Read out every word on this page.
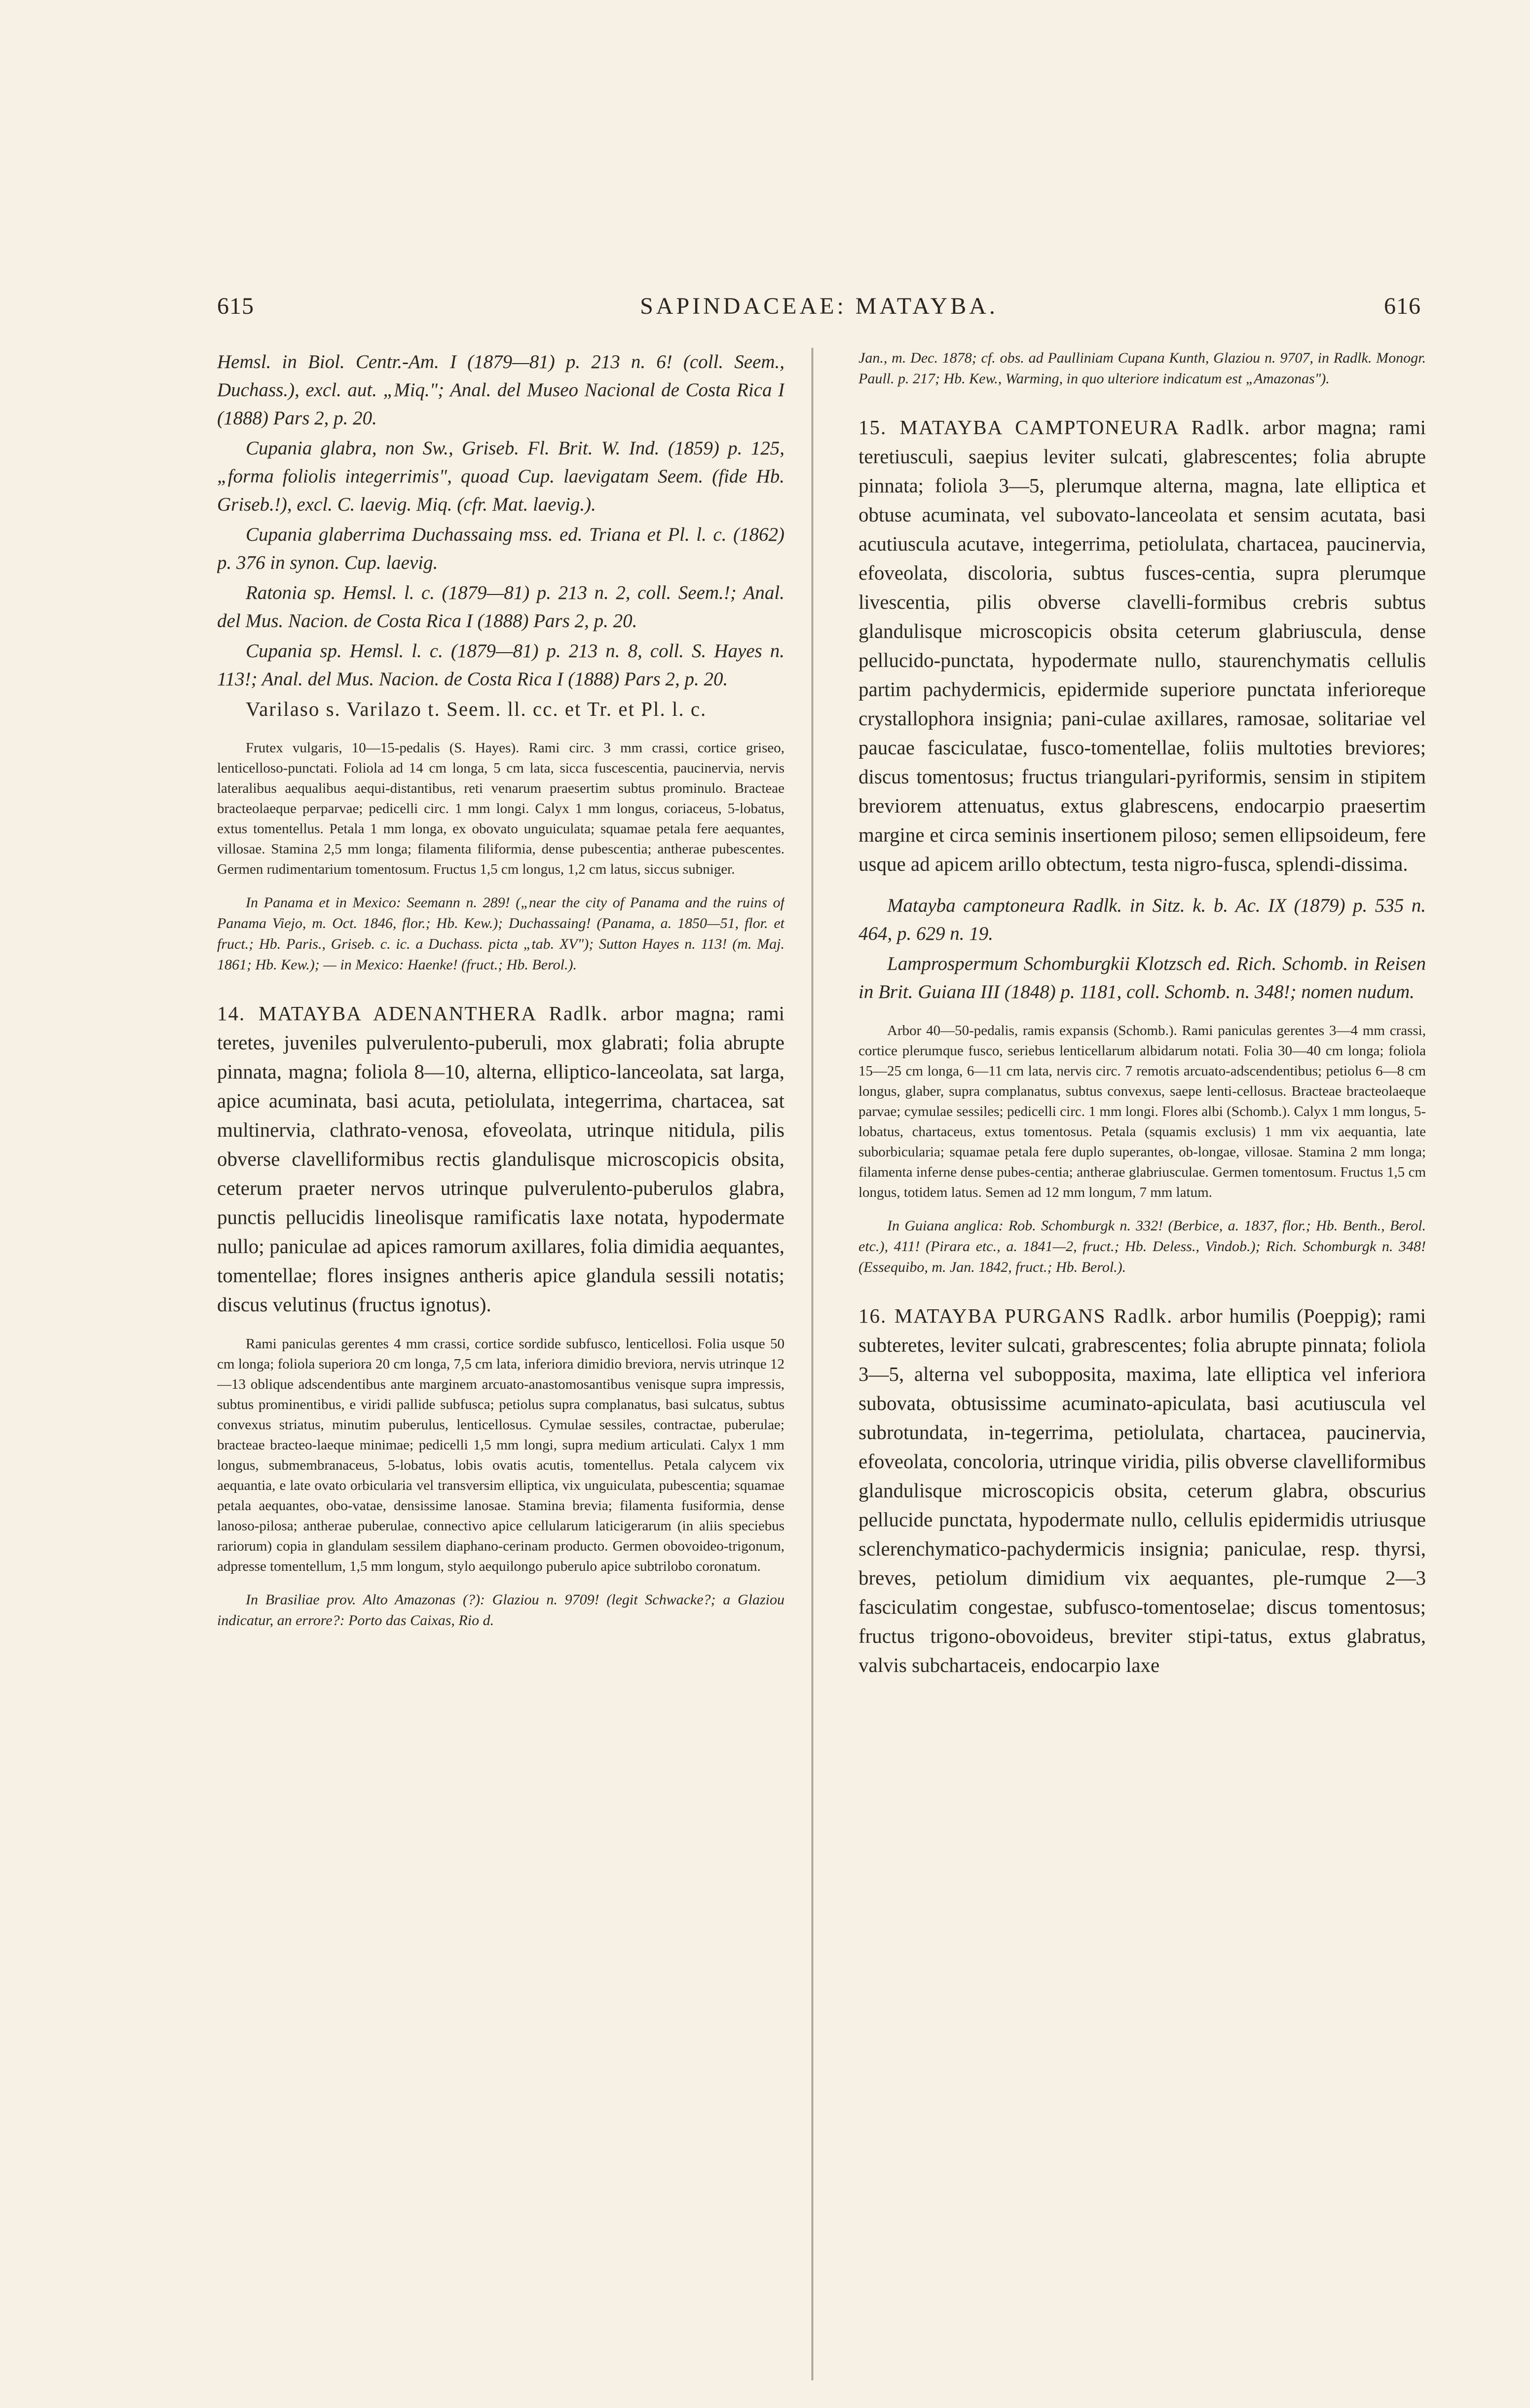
615	SAPINDACEAE: MATAYBA.	616

Hemsl. in Biol. Centr.-Am. I (1879—81) p. 213 n. 6! (coll. Seem., Duchass.), excl. aut. „Miq."; Anal. del Museo Nacional de Costa Rica I (1888) Pars 2, p. 20.

Cupania glabra, non Sw., Griseb. Fl. Brit. W. Ind. (1859) p. 125, „forma foliolis integerrimis", quoad Cup. laevigatam Seem. (fide Hb. Griseb.!), excl. C. laevig. Miq. (cfr. Mat. laevig.).

Cupania glaberrima Duchassaing mss. ed. Triana et Pl. l. c. (1862) p. 376 in synon. Cup. laevig.

Ratonia sp. Hemsl. l. c. (1879—81) p. 213 n. 2, coll. Seem.!; Anal. del Mus. Nacion. de Costa Rica I (1888) Pars 2, p. 20.

Cupania sp. Hemsl. l. c. (1879—81) p. 213 n. 8, coll. S. Hayes n. 113!; Anal. del Mus. Nacion. de Costa Rica I (1888) Pars 2, p. 20.

Varilaso s. Varilazo t. Seem. ll. cc. et Tr. et Pl. l. c.

Frutex vulgaris, 10—15-pedalis (S. Hayes). Rami circ. 3 mm crassi, cortice griseo, lenticelloso-punctati. Foliola ad 14 cm longa, 5 cm lata, sicca fuscescentia, paucinervia, nervis lateralibus aequalibus aequi-distantibus, reti venarum praesertim subtus prominulo. Bracteae bracteolaeque perparvae; pedicelli circ. 1 mm longi. Calyx 1 mm longus, coriaceus, 5-lobatus, extus tomentellus. Petala 1 mm longa, ex obovato unguiculata; squamae petala fere aequantes, villosae. Stamina 2,5 mm longa; filamenta filiformia, dense pubescentia; antherae pubescentes. Germen rudimentarium tomentosum. Fructus 1,5 cm longus, 1,2 cm latus, siccus subniger.

In Panama et in Mexico: Seemann n. 289! („near the city of Panama and the ruins of Panama Viejo, m. Oct. 1846, flor.; Hb. Kew.); Duchassaing! (Panama, a. 1850—51, flor. et fruct.; Hb. Paris., Griseb. c. ic. a Duchass. picta „tab. XV"); Sutton Hayes n. 113! (m. Maj. 1861; Hb. Kew.); — in Mexico: Haenke! (fruct.; Hb. Berol.).

14. MATAYBA ADENANTHERA Radlk. arbor magna; rami teretes, juveniles pulverulento-puberuli, mox glabrati; folia abrupte pinnata, magna; foliola 8—10, alterna, elliptico-lanceolata, sat larga, apice acuminata, basi acuta, petiolulata, integerrima, chartacea, sat multinervia, clathrato-venosa, efoveolata, utrinque nitidula, pilis obverse clavelliformibus rectis glandulisque microscopicis obsita, ceterum praeter nervos utrinque pulverulento-puberulos glabra, punctis pellucidis lineolisque ramificatis laxe notata, hypodermate nullo; paniculae ad apices ramorum axillares, folia dimidia aequantes, tomentellae; flores insignes antheris apice glandula sessili notatis; discus velutinus (fructus ignotus).

Rami paniculas gerentes 4 mm crassi, cortice sordide subfusco, lenticellosi. Folia usque 50 cm longa; foliola superiora 20 cm longa, 7,5 cm lata, inferiora dimidio breviora, nervis utrinque 12—13 oblique adscendentibus ante marginem arcuato-anastomosantibus venisque supra impressis, subtus prominentibus, e viridi pallide subfusca; petiolus supra complanatus, basi sulcatus, subtus convexus striatus, minutim puberulus, lenticellosus. Cymulae sessiles, contractae, puberulae; bracteae bracteo-laeque minimae; pedicelli 1,5 mm longi, supra medium articulati. Calyx 1 mm longus, submembranaceus, 5-lobatus, lobis ovatis acutis, tomentellus. Petala calycem vix aequantia, e late ovato orbicularia vel transversim elliptica, vix unguiculata, pubescentia; squamae petala aequantes, obo-vatae, densissime lanosae. Stamina brevia; filamenta fusiformia, dense lanoso-pilosa; antherae puberulae, connectivo apice cellularum laticigerarum (in aliis speciebus rariorum) copia in glandulam sessilem diaphano-cerinam producto. Germen obovoideo-trigonum, adpresse tomentellum, 1,5 mm longum, stylo aequilongo puberulo apice subtrilobo coronatum.

In Brasiliae prov. Alto Amazonas (?): Glaziou n. 9709! (legit Schwacke?; a Glaziou indicatur, an errore?: Porto das Caixas, Rio d.

Jan., m. Dec. 1878; cf. obs. ad Paulliniam Cupana Kunth, Glaziou n. 9707, in Radlk. Monogr. Paull. p. 217; Hb. Kew., Warming, in quo ulteriore indicatum est „Amazonas").

15. MATAYBA CAMPTONEURA Radlk. arbor magna; rami teretiusculi, saepius leviter sulcati, glabrescentes; folia abrupte pinnata; foliola 3—5, plerumque alterna, magna, late elliptica et obtuse acuminata, vel subovato-lanceolata et sensim acutata, basi acutiuscula acutave, integerrima, petiolulata, chartacea, paucinervia, efoveolata, discoloria, subtus fusces-centia, supra plerumque livescentia, pilis obverse clavelli-formibus crebris subtus glandulisque microscopicis obsita ceterum glabriuscula, dense pellucido-punctata, hypodermate nullo, staurenchymatis cellulis partim pachydermicis, epidermide superiore punctata inferioreque crystallophora insignia; pani-culae axillares, ramosae, solitariae vel paucae fasciculatae, fusco-tomentellae, foliis multoties breviores; discus tomentosus; fructus triangulari-pyriformis, sensim in stipitem breviorem attenuatus, extus glabrescens, endocarpio praesertim margine et circa seminis insertionem piloso; semen ellipsoideum, fere usque ad apicem arillo obtectum, testa nigro-fusca, splendi-dissima.

Matayba camptoneura Radlk. in Sitz. k. b. Ac. IX (1879) p. 535 n. 464, p. 629 n. 19.

Lamprospermum Schomburgkii Klotzsch ed. Rich. Schomb. in Reisen in Brit. Guiana III (1848) p. 1181, coll. Schomb. n. 348!; nomen nudum.

Arbor 40—50-pedalis, ramis expansis (Schomb.). Rami paniculas gerentes 3—4 mm crassi, cortice plerumque fusco, seriebus lenticellarum albidarum notati. Folia 30—40 cm longa; foliola 15—25 cm longa, 6—11 cm lata, nervis circ. 7 remotis arcuato-adscendentibus; petiolus 6—8 cm longus, glaber, supra complanatus, subtus convexus, saepe lenti-cellosus. Bracteae bracteolaeque parvae; cymulae sessiles; pedicelli circ. 1 mm longi. Flores albi (Schomb.). Calyx 1 mm longus, 5-lobatus, chartaceus, extus tomentosus. Petala (squamis exclusis) 1 mm vix aequantia, late suborbicularia; squamae petala fere duplo superantes, ob-longae, villosae. Stamina 2 mm longa; filamenta inferne dense pubes-centia; antherae glabriusculae. Germen tomentosum. Fructus 1,5 cm longus, totidem latus. Semen ad 12 mm longum, 7 mm latum.

In Guiana anglica: Rob. Schomburgk n. 332! (Berbice, a. 1837, flor.; Hb. Benth., Berol. etc.), 411! (Pirara etc., a. 1841—2, fruct.; Hb. Deless., Vindob.); Rich. Schomburgk n. 348! (Essequibo, m. Jan. 1842, fruct.; Hb. Berol.).

16. MATAYBA PURGANS Radlk. arbor humilis (Poeppig); rami subteretes, leviter sulcati, grabrescentes; folia abrupte pinnata; foliola 3—5, alterna vel subopposita, maxima, late elliptica vel inferiora subovata, obtusissime acuminato-apiculata, basi acutiuscula vel subrotundata, in-tegerrima, petiolulata, chartacea, paucinervia, efoveolata, concoloria, utrinque viridia, pilis obverse clavelliformibus glandulisque microscopicis obsita, ceterum glabra, obscurius pellucide punctata, hypodermate nullo, cellulis epidermidis utriusque sclerenchymatico-pachydermicis insignia; paniculae, resp. thyrsi, breves, petiolum dimidium vix aequantes, ple-rumque 2—3 fasciculatim congestae, subfusco-tomentoselae; discus tomentosus; fructus trigono-obovoideus, breviter stipi-tatus, extus glabratus, valvis subchartaceis, endocarpio laxe
